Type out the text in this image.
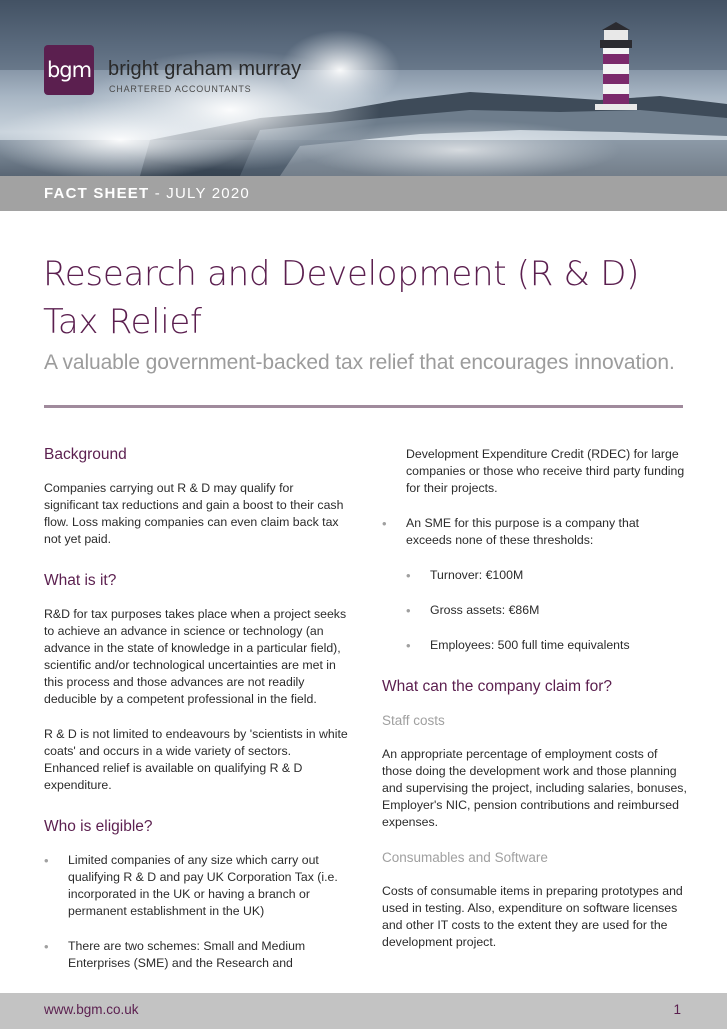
bgm bright graham murray
CHARTERED ACCOUNTANTS
FACT SHEET
- JULY 2020
Research and Development (R & D)
Tax Relief
A valuable government-backed tax relief that encourages innovation.
Background

Companies carrying out R & D may qualify for significant tax reductions and gain a boost to their cash flow. Loss making companies can even claim back tax not yet paid.

What is it?

R&D for tax purposes takes place when a project seeks to achieve an advance in science or technology (an advance in the state of knowledge in a particular field), scientific and/or technological uncertainties are met in this process and those advances are not readily deducible by a competent professional in the field.

R & D is not limited to endeavours by 'scientists in white coats' and occurs in a wide variety of sectors. Enhanced relief is available on qualifying R & D expenditure.

Who is eligible?
• Limited companies of any size which carry out qualifying R & D and pay UK Corporation Tax (i.e. incorporated in the UK or having a branch or permanent establishment in the UK)
• There are two schemes: Small and Medium Enterprises (SME) and the Research and

Development Expenditure Credit (RDEC) for large companies or those who receive third party funding for their projects.

• An SME for this purpose is a company that exceeds none of these thresholds:
• Turnover: €100M
• Gross assets: €86M
• Employees: 500 full time equivalents
What can the company claim for?
Staff costs

An appropriate percentage of employment costs of those doing the development work and those planning and supervising the project, including salaries, bonuses, Employer's NIC, pension contributions and reimbursed expenses.

Consumables and Software

Costs of consumable items in preparing prototypes and used in testing. Also, expenditure on software licenses and other IT costs to the extent they are used for the development project.

www.bgm.co.uk	1
